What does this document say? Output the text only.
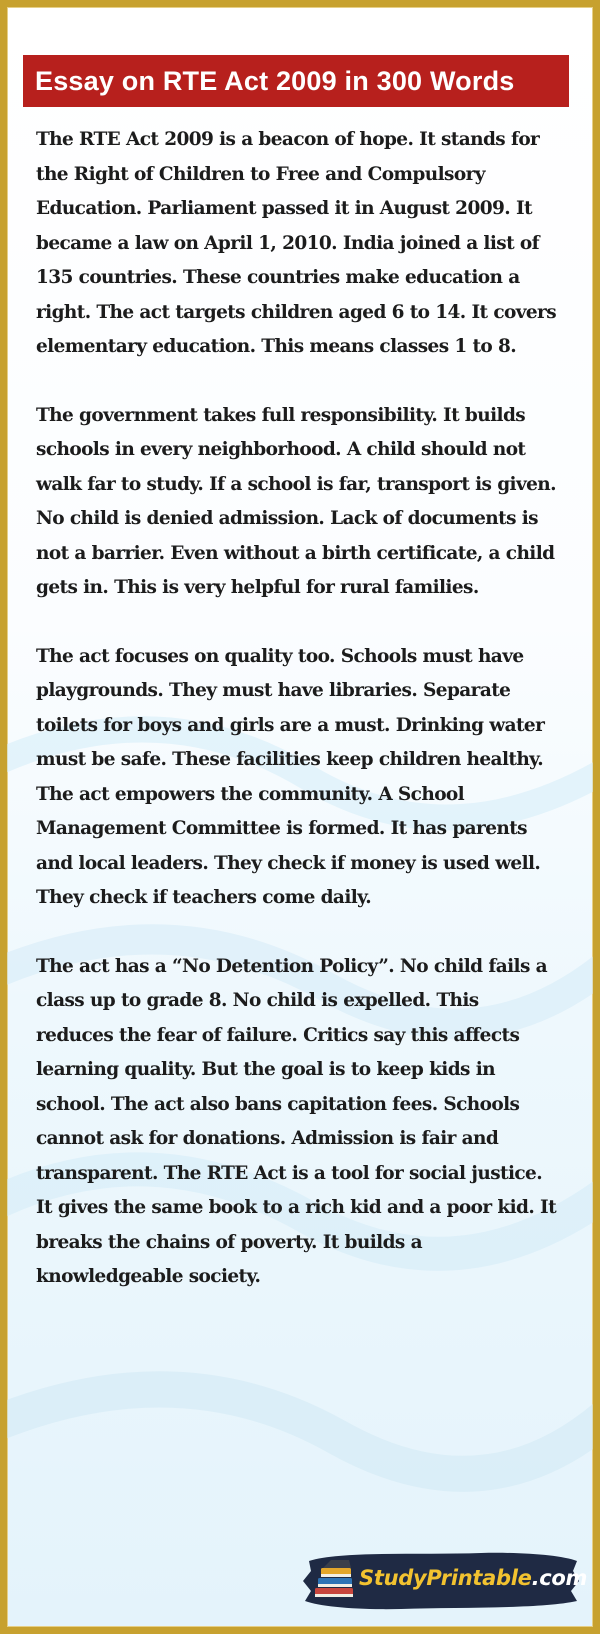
Essay on RTE Act 2009 in 300 Words

The RTE Act 2009 is a beacon of hope. It stands for the Right of Children to Free and Compulsory Education. Parliament passed it in August 2009. It became a law on April 1, 2010. India joined a list of 135 countries. These countries make education a right. The act targets children aged 6 to 14. It covers elementary education. This means classes 1 to 8.

The government takes full responsibility. It builds schools in every neighborhood. A child should not walk far to study. If a school is far, transport is given. No child is denied admission. Lack of documents is not a barrier. Even without a birth certificate, a child gets in. This is very helpful for rural families.

The act focuses on quality too. Schools must have playgrounds. They must have libraries. Separate toilets for boys and girls are a must. Drinking water must be safe. These facilities keep children healthy. The act empowers the community. A School Management Committee is formed. It has parents and local leaders. They check if money is used well. They check if teachers come daily.

The act has a “No Detention Policy”. No child fails a class up to grade 8. No child is expelled. This reduces the fear of failure. Critics say this affects learning quality. But the goal is to keep kids in school. The act also bans capitation fees. Schools cannot ask for donations. Admission is fair and transparent. The RTE Act is a tool for social justice. It gives the same book to a rich kid and a poor kid. It breaks the chains of poverty. It builds a knowledgeable society.

StudyPrintable.com
